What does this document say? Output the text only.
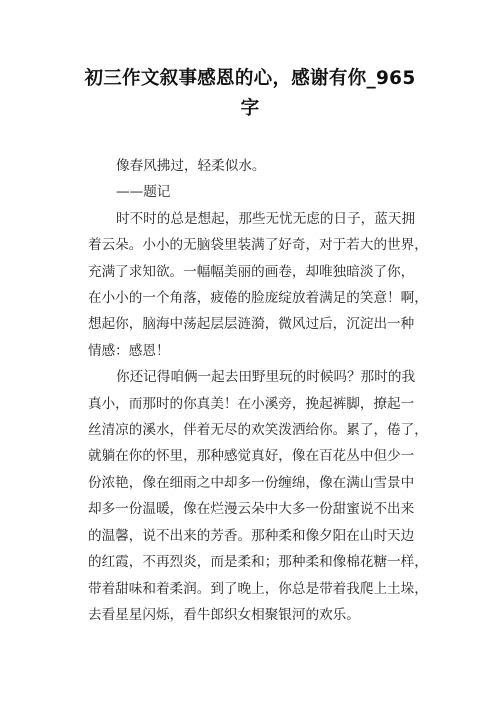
初三作文叙事感恩的心，感谢有你_965
字
像春风拂过，轻柔似水。
——题记
时不时的总是想起，那些无忧无虑的日子，蓝天拥
着云朵。小小的无脑袋里装满了好奇，对于若大的世界，
充满了求知欲。一幅幅美丽的画卷，却唯独暗淡了你，
在小小的一个角落，疲倦的脸庞绽放着满足的笑意！啊，
想起你，脑海中荡起层层涟漪，微风过后，沉淀出一种
情感：感恩！
你还记得咱俩一起去田野里玩的时候吗？那时的我
真小，而那时的你真美！在小溪旁，挽起裤脚，撩起一
丝清凉的溪水，伴着无尽的欢笑泼洒给你。累了，倦了，
就躺在你的怀里，那种感觉真好，像在百花丛中但少一
份浓艳，像在细雨之中却多一份缠绵，像在满山雪景中
却多一份温暖，像在烂漫云朵中大多一份甜蜜说不出来
的温馨，说不出来的芳香。那种柔和像夕阳在山时天边
的红霞，不再烈炎，而是柔和；那种柔和像棉花糖一样，
带着甜味和着柔润。到了晚上，你总是带着我爬上土垛，
去看星星闪烁，看牛郎织女相聚银河的欢乐。
